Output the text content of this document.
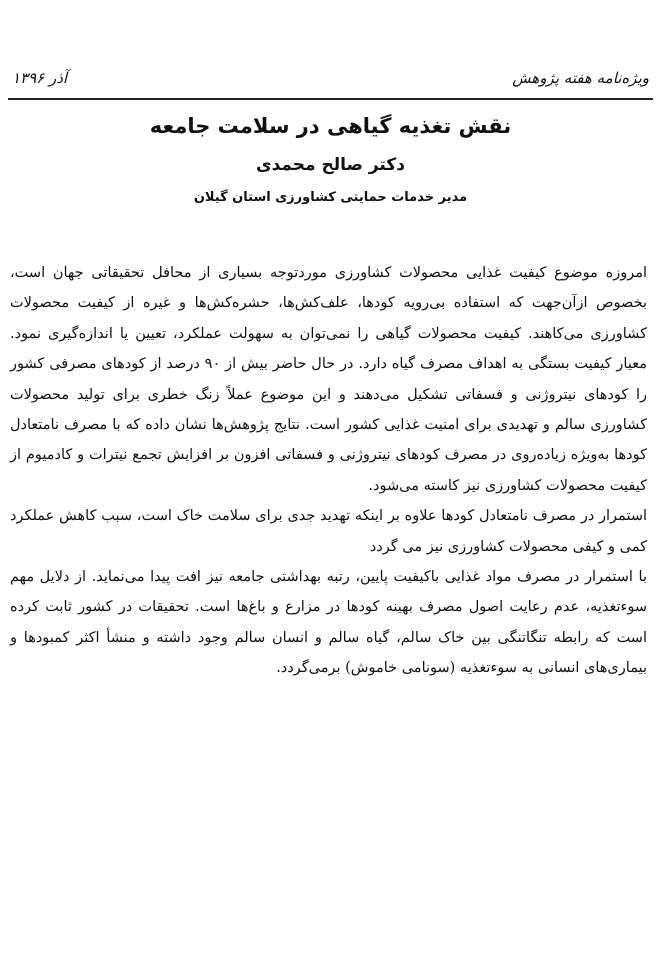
ویژه‌نامه هفته پژوهش
آذر ۱۳۹۶
نقش تغذیه گیاهی در سلامت جامعه
دکتر صالح محمدی
مدیر خدمات حمایتی کشاورزی استان گیلان

امروزه موضوع کیفیت غذایی محصولات کشاورزی موردتوجه بسیاری از محافل تحقیقاتی جهان است، بخصوص ازآن‌جهت که استفاده بی‌رویه کودها، علف‌کش‌ها، حشره‌کش‌ها و غیره از کیفیت محصولات کشاورزی می‌کاهند. کیفیت محصولات گیاهی را نمی‌توان به سهولت عملکرد، تعیین یا اندازه‌گیری نمود. معیار کیفیت بستگی به اهداف مصرف گیاه دارد. در حال حاضر بیش از ۹۰ درصد از کودهای مصرفی کشور را کودهای نیتروژنی و فسفاتی تشکیل می‌دهند و این موضوع عملاً زنگ خطری برای تولید محصولات کشاورزی سالم و تهدیدی برای امنیت غذایی کشور است. نتایج پژوهش‌ها نشان داده که با مصرف نامتعادل کودها به‌ویژه زیاده‌روی در مصرف کودهای نیتروژنی و فسفاتی افزون بر افزایش تجمع نیترات و کادمیوم از کیفیت محصولات کشاورزی نیز کاسته می‌شود.

استمرار در مصرف نامتعادل کودها علاوه بر اینکه تهدید جدی برای سلامت خاک است، سبب کاهش عملکرد کمی و کیفی محصولات کشاورزی نیز می گردد

با استمرار در مصرف مواد غذایی باکیفیت پایین، رتبه بهداشتی جامعه نیز افت پیدا می‌نماید. از دلایل مهم سوءتغذیه، عدم رعایت اصول مصرف بهینه کودها در مزارع و باغ‌ها است. تحقیقات در کشور ثابت کرده است که رابطه تنگاتنگی بین خاک سالم، گیاه سالم و انسان سالم وجود داشته و منشأ اکثر کمبودها و بیماری‌های انسانی به سوءتغذیه (سونامی خاموش) برمی‌گردد.
